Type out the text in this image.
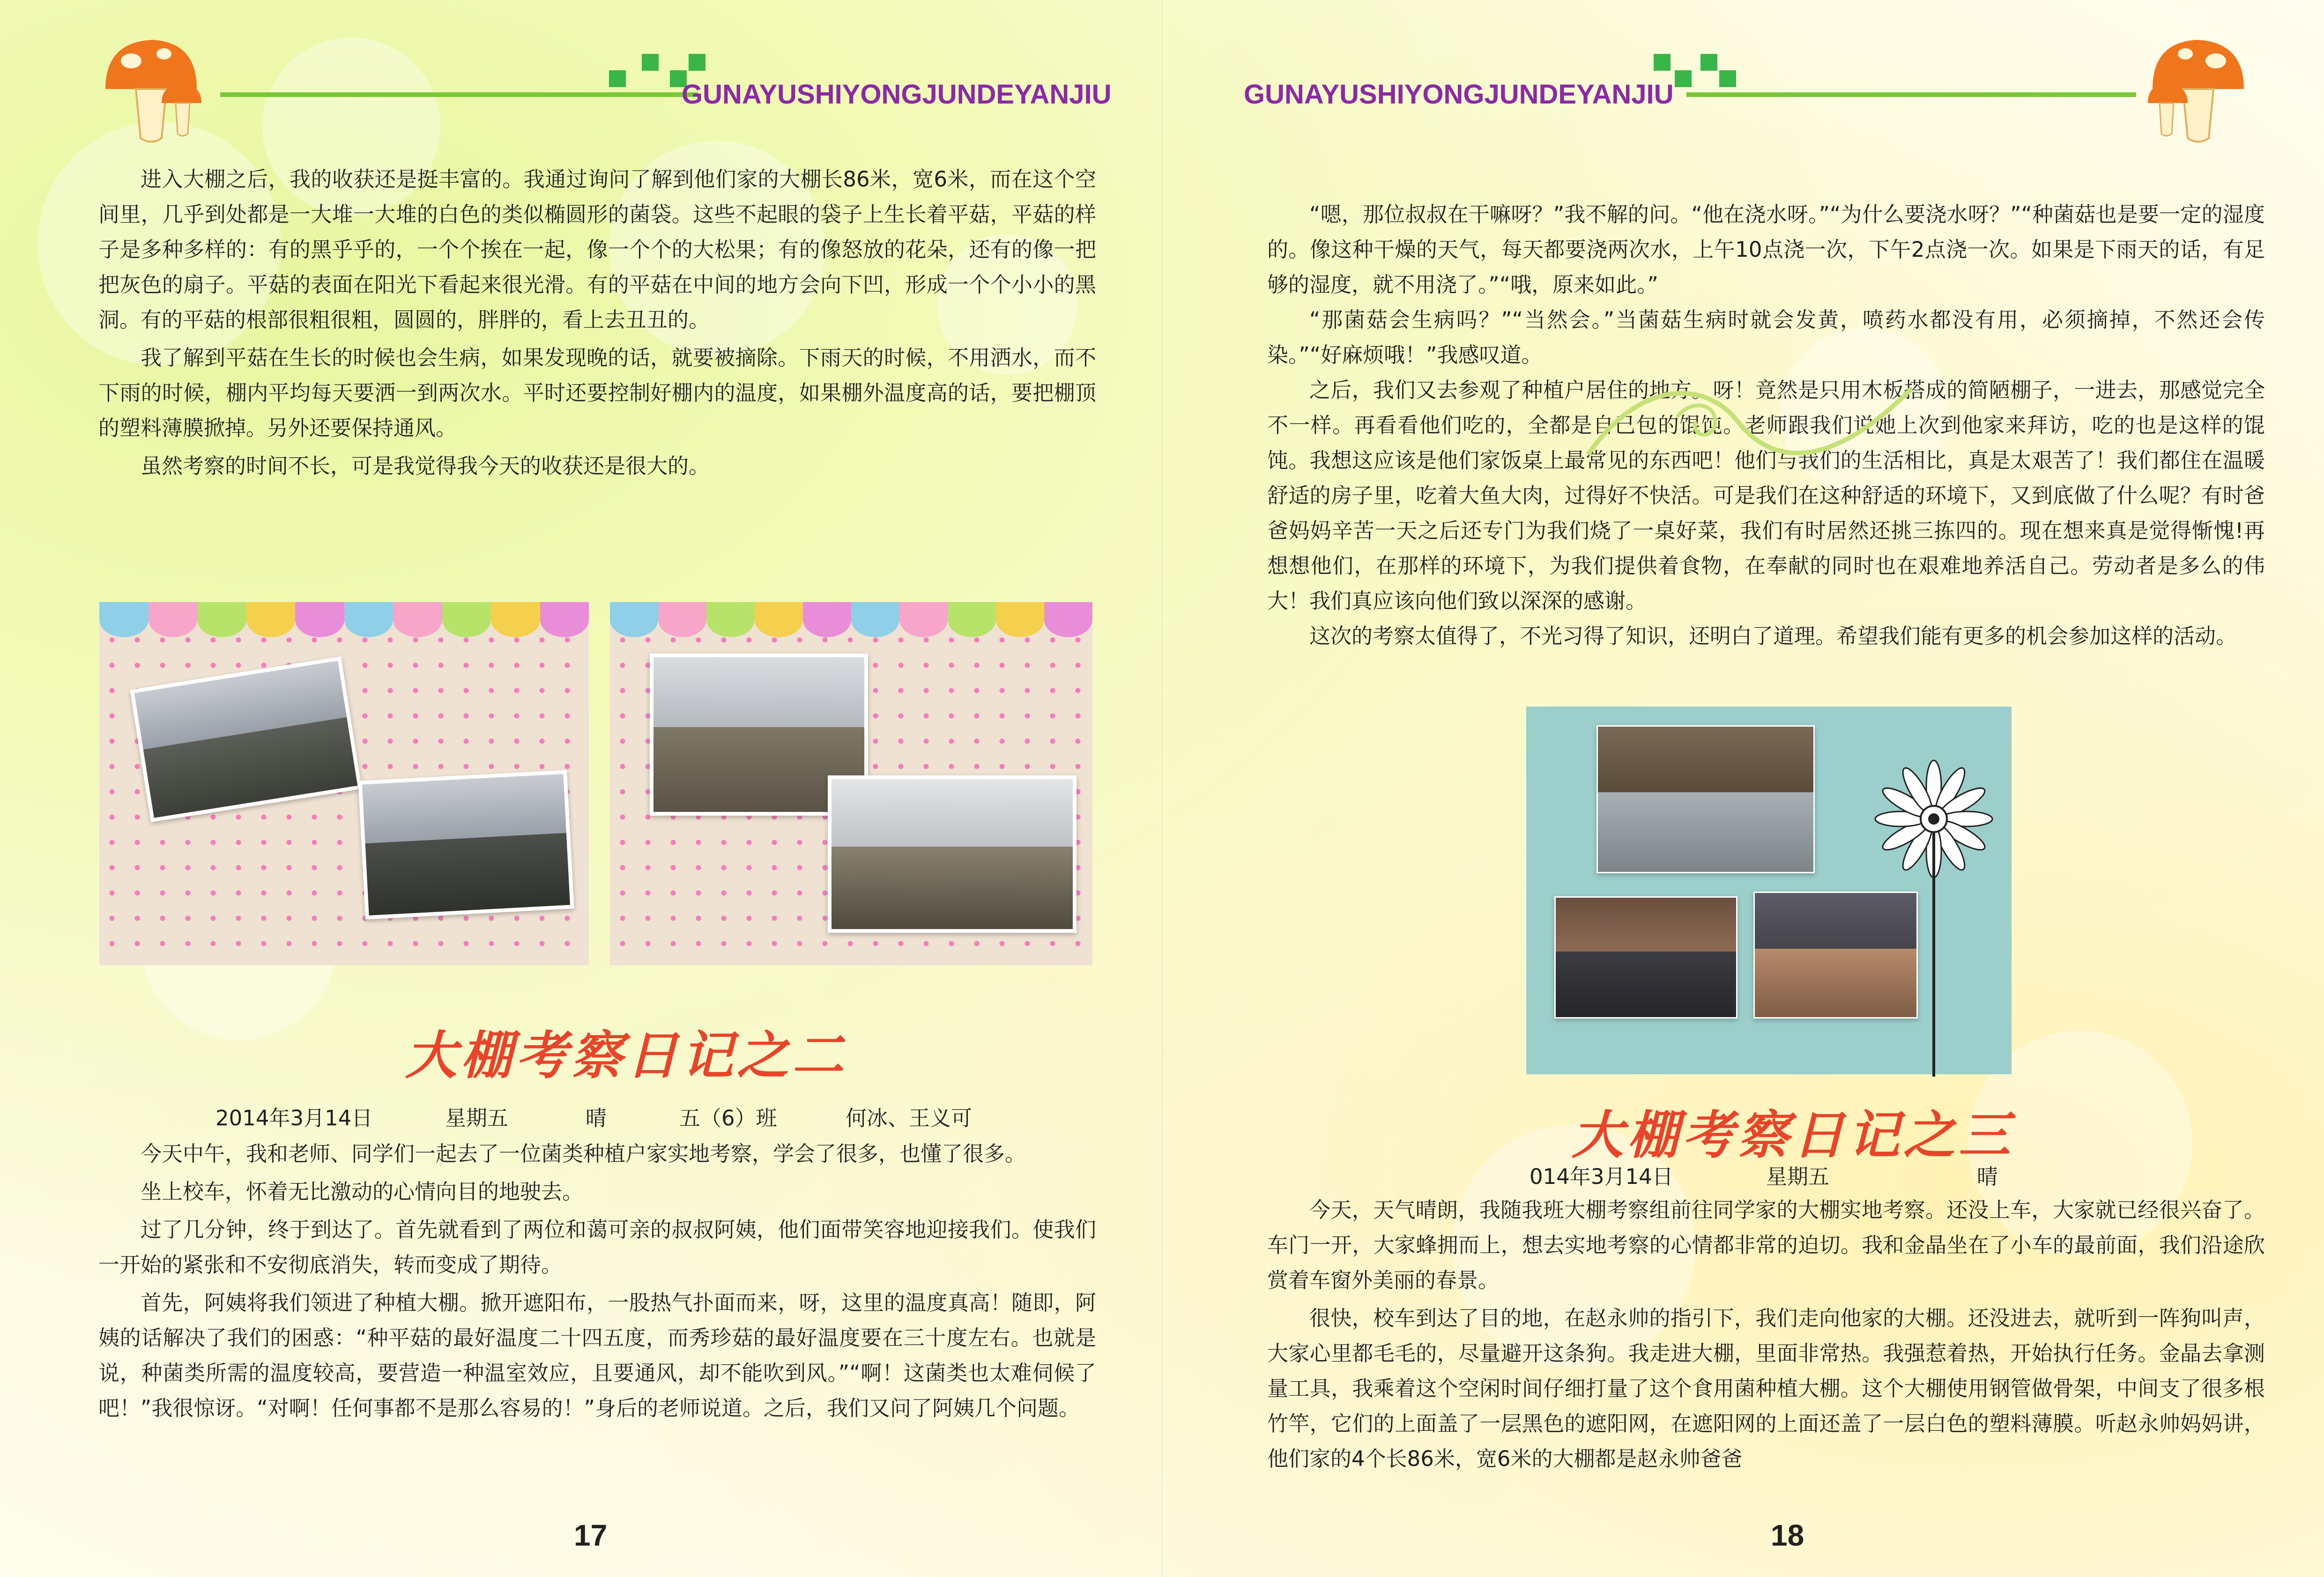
GUNAYUSHIYONGJUNDEYANJIU	GUNAYUSHIYONGJUNDEYANJIU

进入大棚之后，我的收获还是挺丰富的。我通过询问了解到他们家的大棚长86米，宽6米，而在这个空间里，几乎到处都是一大堆一大堆的白色的类似椭圆形的菌袋。这些不起眼的袋子上生长着平菇，平菇的样子是多种多样的：有的黑乎乎的，一个个挨在一起，像一个个的大松果；有的像怒放的花朵，还有的像一把把灰色的扇子。平菇的表面在阳光下看起来很光滑。有的平菇在中间的地方会向下凹，形成一个个小小的黑洞。有的平菇的根部很粗很粗，圆圆的，胖胖的，看上去丑丑的。

我了解到平菇在生长的时候也会生病，如果发现晚的话，就要被摘除。下雨天的时候，不用洒水，而不下雨的时候，棚内平均每天要洒一到两次水。平时还要控制好棚内的温度，如果棚外温度高的话，要把棚顶的塑料薄膜掀掉。另外还要保持通风。

虽然考察的时间不长，可是我觉得我今天的收获还是很大的。

大棚考察日记之二
2014年3月14日	星期五	晴	五（6）班	何冰、王义可

今天中午，我和老师、同学们一起去了一位菌类种植户家实地考察，学会了很多，也懂了很多。

坐上校车，怀着无比激动的心情向目的地驶去。

过了几分钟，终于到达了。首先就看到了两位和蔼可亲的叔叔阿姨，他们面带笑容地迎接我们。使我们一开始的紧张和不安彻底消失，转而变成了期待。

首先，阿姨将我们领进了种植大棚。掀开遮阳布，一股热气扑面而来，呀，这里的温度真高！随即，阿姨的话解决了我们的困惑：“种平菇的最好温度二十四五度，而秀珍菇的最好温度要在三十度左右。也就是说，种菌类所需的温度较高，要营造一种温室效应，且要通风，却不能吹到风。”“啊！这菌类也太难伺候了吧！”我很惊讶。“对啊！任何事都不是那么容易的！”身后的老师说道。之后，我们又问了阿姨几个问题。

17

“嗯，那位叔叔在干嘛呀？”我不解的问。“他在浇水呀。”“为什么要浇水呀？”“种菌菇也是要一定的湿度的。像这种干燥的天气，每天都要浇两次水，上午10点浇一次，下午2点浇一次。如果是下雨天的话，有足够的湿度，就不用浇了。”“哦，原来如此。”

“那菌菇会生病吗？”“当然会。”当菌菇生病时就会发黄，喷药水都没有用，必须摘掉，不然还会传染。”“好麻烦哦！”我感叹道。

之后，我们又去参观了种植户居住的地方。呀！竟然是只用木板搭成的简陋棚子，一进去，那感觉完全不一样。再看看他们吃的，全都是自己包的馄饨。老师跟我们说她上次到他家来拜访，吃的也是这样的馄饨。我想这应该是他们家饭桌上最常见的东西吧！他们与我们的生活相比，真是太艰苦了！我们都住在温暖舒适的房子里，吃着大鱼大肉，过得好不快活。可是我们在这种舒适的环境下，又到底做了什么呢？有时爸爸妈妈辛苦一天之后还专门为我们烧了一桌好菜，我们有时居然还挑三拣四的。现在想来真是觉得惭愧!再想想他们，在那样的环境下，为我们提供着食物，在奉献的同时也在艰难地养活自己。劳动者是多么的伟大！我们真应该向他们致以深深的感谢。

这次的考察太值得了，不光习得了知识，还明白了道理。希望我们能有更多的机会参加这样的活动。

大棚考察日记之三
014年3月14日	星期五	晴

今天，天气晴朗，我随我班大棚考察组前往同学家的大棚实地考察。还没上车，大家就已经很兴奋了。车门一开，大家蜂拥而上，想去实地考察的心情都非常的迫切。我和金晶坐在了小车的最前面，我们沿途欣赏着车窗外美丽的春景。

很快，校车到达了目的地，在赵永帅的指引下，我们走向他家的大棚。还没进去，就听到一阵狗叫声，大家心里都毛毛的，尽量避开这条狗。我走进大棚，里面非常热。我强惹着热，开始执行任务。金晶去拿测量工具，我乘着这个空闲时间仔细打量了这个食用菌种植大棚。这个大棚使用钢管做骨架，中间支了很多根竹竿，它们的上面盖了一层黑色的遮阳网，在遮阳网的上面还盖了一层白色的塑料薄膜。听赵永帅妈妈讲，他们家的4个长86米，宽6米的大棚都是赵永帅爸爸

18
